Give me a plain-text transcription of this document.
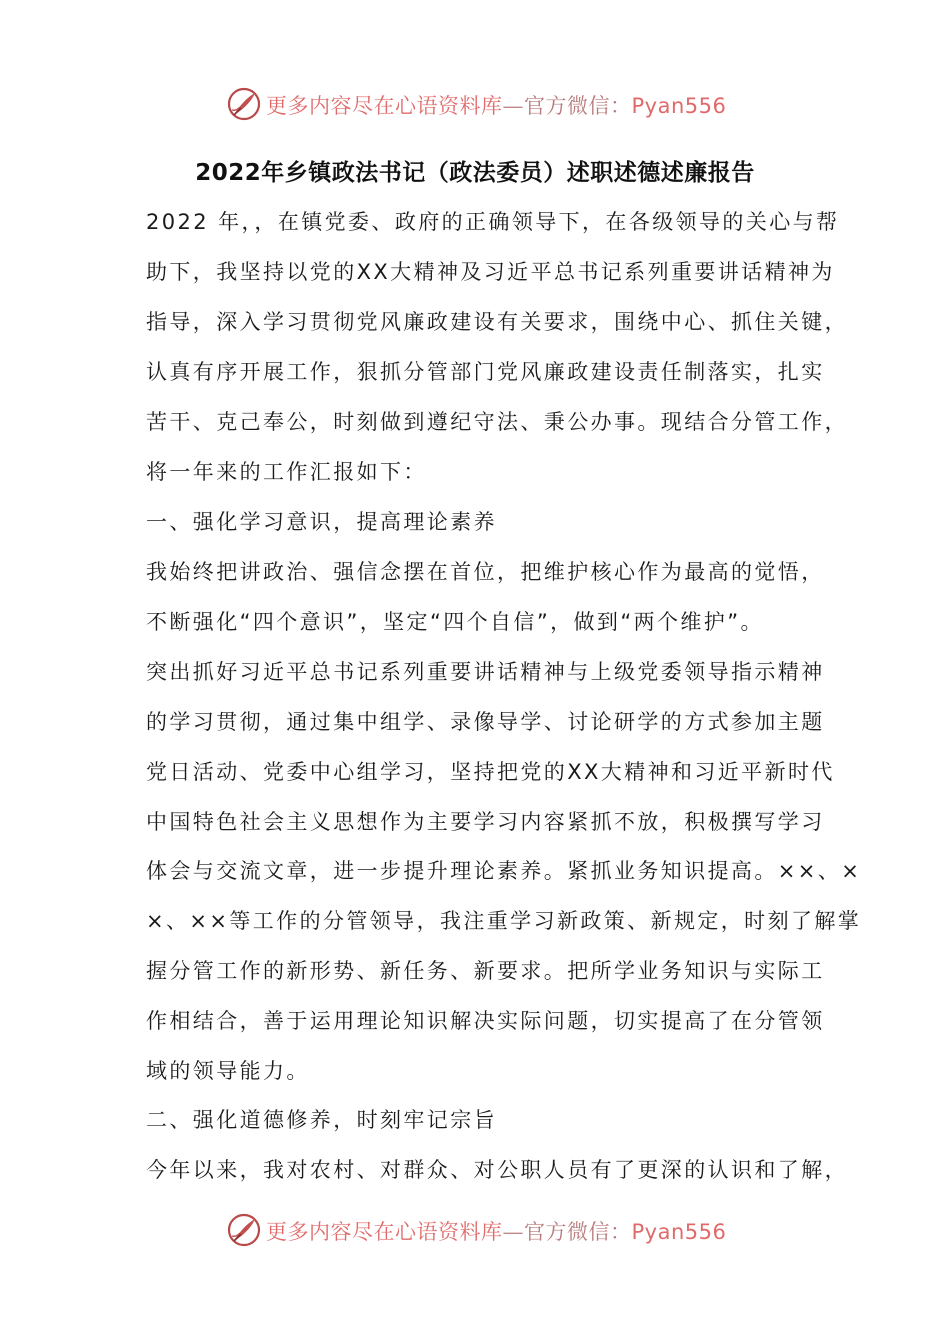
更多内容尽在心语资料库—官方微信：Pyan556
2022年乡镇政法书记（政法委员）述职述德述廉报告
2022 年，，在镇党委、政府的正确领导下，在各级领导的关心与帮
助下，我坚持以党的XX大精神及习近平总书记系列重要讲话精神为
指导，深入学习贯彻党风廉政建设有关要求，围绕中心、抓住关键，
认真有序开展工作，狠抓分管部门党风廉政建设责任制落实，扎实
苦干、克己奉公，时刻做到遵纪守法、秉公办事。现结合分管工作，
将一年来的工作汇报如下：
一、强化学习意识，提高理论素养
我始终把讲政治、强信念摆在首位，把维护核心作为最高的觉悟，
不断强化“四个意识”，坚定“四个自信”，做到“两个维护”。
突出抓好习近平总书记系列重要讲话精神与上级党委领导指示精神
的学习贯彻，通过集中组学、录像导学、讨论研学的方式参加主题
党日活动、党委中心组学习，坚持把党的XX大精神和习近平新时代
中国特色社会主义思想作为主要学习内容紧抓不放，积极撰写学习
体会与交流文章，进一步提升理论素养。紧抓业务知识提高。××、×
×、××等工作的分管领导，我注重学习新政策、新规定，时刻了解掌
握分管工作的新形势、新任务、新要求。把所学业务知识与实际工
作相结合，善于运用理论知识解决实际问题，切实提高了在分管领
域的领导能力。
二、强化道德修养，时刻牢记宗旨
今年以来，我对农村、对群众、对公职人员有了更深的认识和了解，
更多内容尽在心语资料库—官方微信：Pyan556
